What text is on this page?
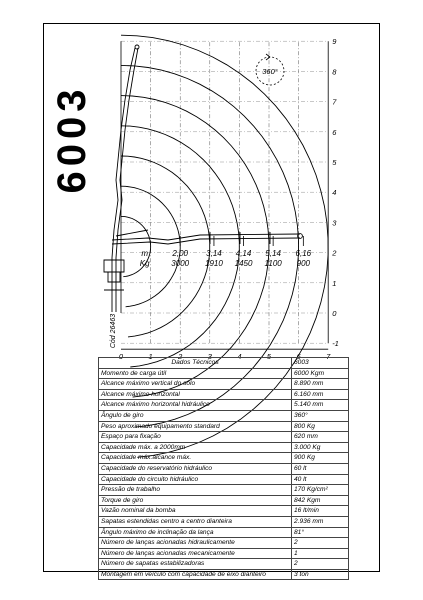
0	1	2	3	4	5	6	7
-1
0
1
2
3
4
5
6
7
8
9
m
Kg
2,00
3000
3,14
1910
4,14
1450
5,14
1100
6,16
900
360°
6003
Cód 26463
Dados Técnicos	6003
Momento de carga útil	6000 Kgm
Alcance máximo vertical do solo	8.890 mm
Alcance máximo horizontal	6.160 mm
Alcance máximo horizontal hidráulico	5.140 mm
Ângulo de giro	360°
Peso aproximado equipamento standard	800 Kg
Espaço para fixação	620 mm
Capacidade máx. a 2000mm	3.000 Kg
Capacidade máx.alcance máx.	900 Kg
Capacidade do reservatório hidráulico	60 lt
Capacidade do circuito hidráulico	40 lt
Pressão de trabalho	170 Kg/cm²
Torque de giro	842 Kgm
Vazão nominal da bomba	16 lt/min
Sapatas estendidas centro a centro dianteira	2.936 mm
Ângulo máximo de inclinação da lança	81°
Número de lanças acionadas hidraulicamente	2
Número de lanças acionadas mecanicamente	1
Número de sapatas estabilizadoras	2
Montagem em veículo com capacidade de eixo dianteiro	3 ton
